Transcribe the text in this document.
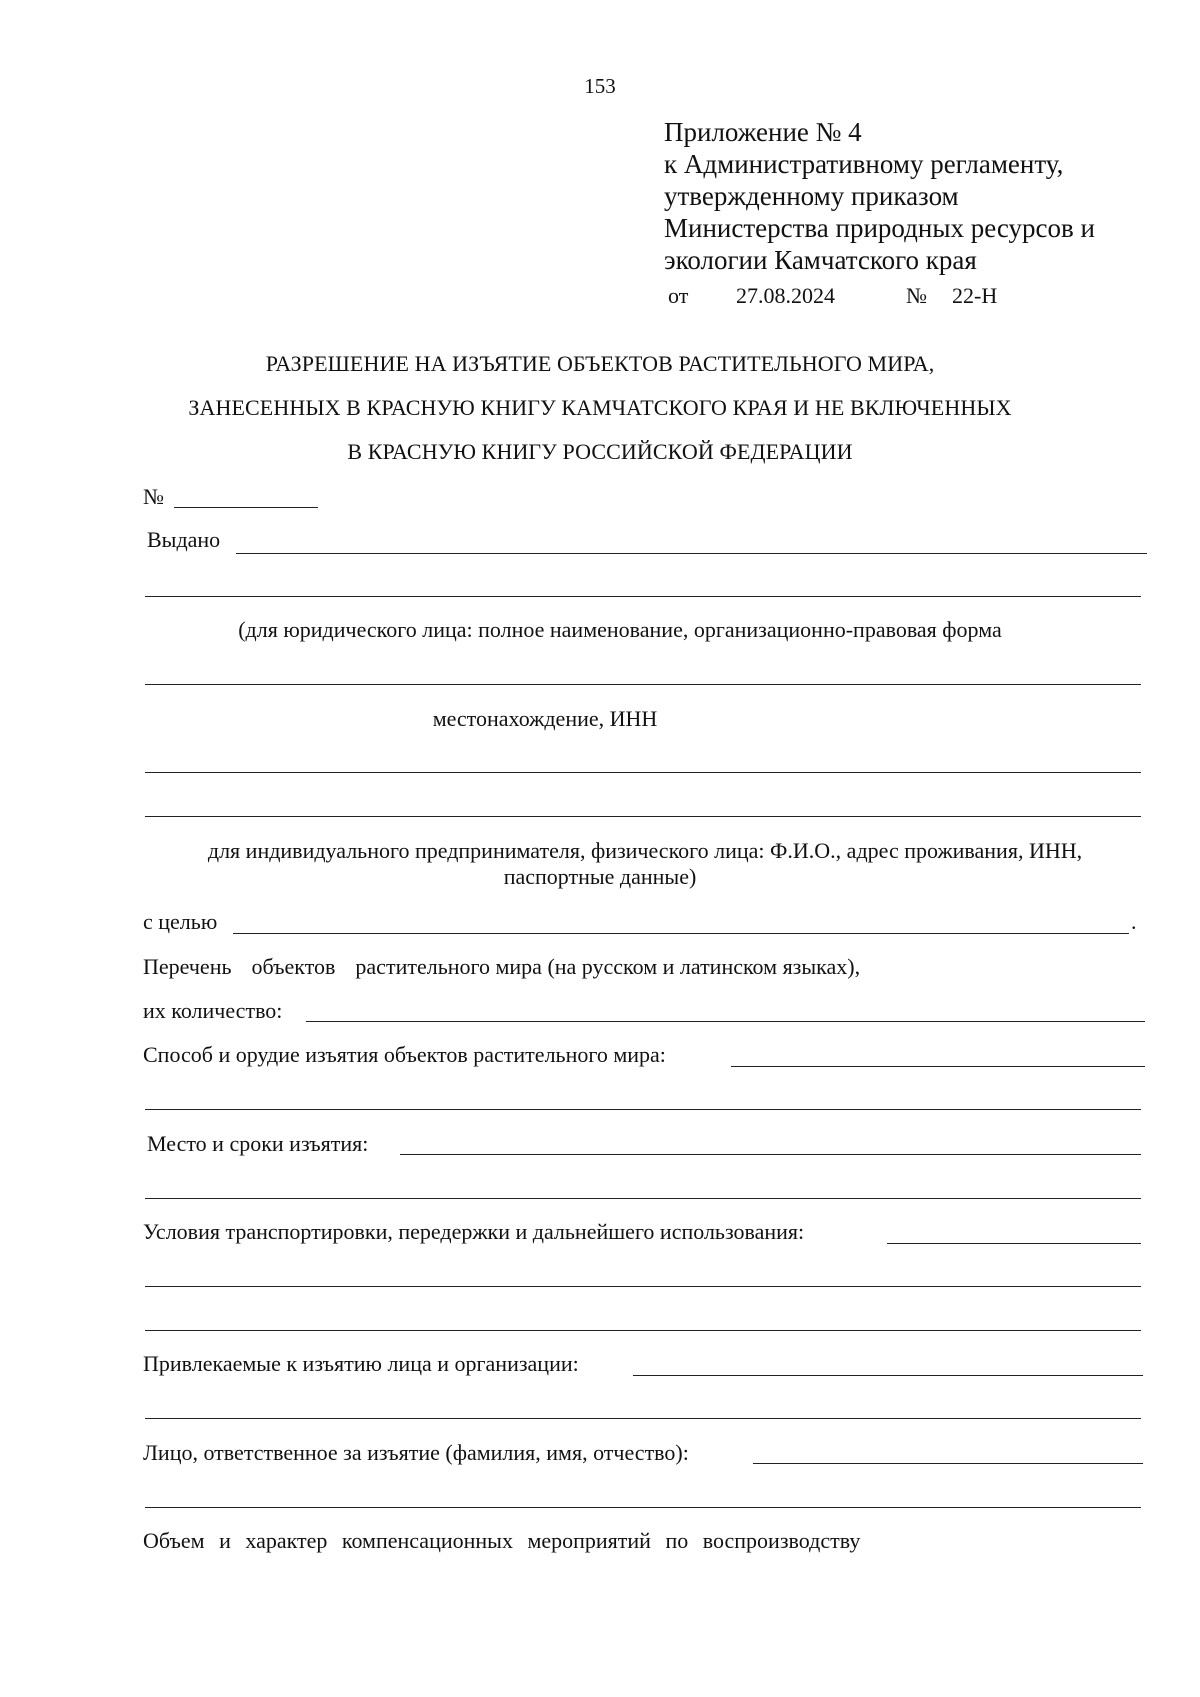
153
Приложение № 4
к Административному регламенту,
утвержденному приказом
Министерства природных ресурсов и
экологии Камчатского края
от 27.08.2024	№ 22-Н
РАЗРЕШЕНИЕ НА ИЗЪЯТИЕ ОБЪЕКТОВ РАСТИТЕЛЬНОГО МИРА,
ЗАНЕСЕННЫХ В КРАСНУЮ КНИГУ КАМЧАТСКОГО КРАЯ И НЕ ВКЛЮЧЕННЫХ
В КРАСНУЮ КНИГУ РОССИЙСКОЙ ФЕДЕРАЦИИ
№
Выдано
(для юридического лица: полное наименование, организационно-правовая форма
местонахождение, ИНН
для индивидуального предпринимателя, физического лица: Ф.И.О., адрес проживания, ИНН,
паспортные данные)
с целью	.
Перечень объектов растительного мира (на русском и латинском языках),
их количество:
Способ и орудие изъятия объектов растительного мира:
Место и сроки изъятия:
Условия транспортировки, передержки и дальнейшего использования:
Привлекаемые к изъятию лица и организации:
Лицо, ответственное за изъятие (фамилия, имя, отчество):
Объем и характер компенсационных мероприятий по воспроизводству
